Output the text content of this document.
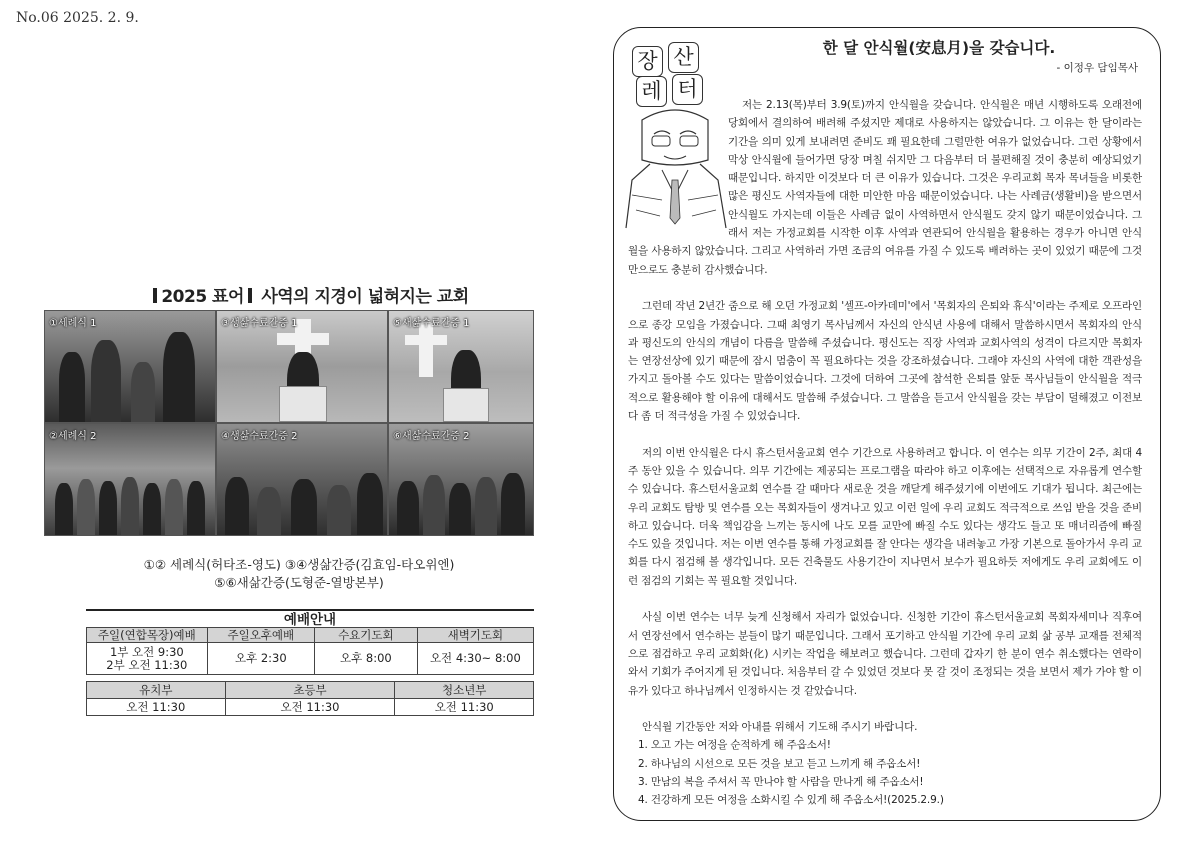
No.06 2025. 2. 9.
2025 표어 사역의 지경이 넓혀지는 교회
①세례식 1	③생삶수료간증 1	⑤새삶수료간증 1
②세례식 2	④생삶수료간증 2	⑥새삶수료간증 2
①② 세례식(허타조-영도) ③④생삶간증(김효임-타오위엔)
⑤⑥새삶간증(도형준-열방본부)
예배안내
주일(연합목장)예배	주일오후예배	수요기도회	새벽기도회

1부 오전 9:30
2부 오전 11:30	오후 2:30	오후 8:00	오전 4:30~ 8:00
유치부	초등부	청소년부
오전 11:30	오전 11:30	오전 11:30
장 산
레 터
한 달 안식월(安息月)을 갖습니다.
- 이정우 담임목사

저는 2.13(목)부터 3.9(토)까지 안식월을 갖습니다. 안식월은 매년 시행하도록 오래전에 당회에서 결의하여 배려해 주셨지만 제대로 사용하지는 않았습니다. 그 이유는 한 달이라는 기간을 의미 있게 보내려면 준비도 꽤 필요한데 그럴만한 여유가 없었습니다. 그런 상황에서 막상 안식월에 들어가면 당장 며칠 쉬지만 그 다음부터 더 불편해질 것이 충분히 예상되었기 때문입니다. 하지만 이것보다 더 큰 이유가 있습니다. 그것은 우리교회 목자 목녀들을 비롯한 많은 평신도 사역자들에 대한 미안한 마음 때문이었습니다. 나는 사례금(생활비)을 받으면서 안식월도 가지는데 이들은 사례금 없이 사역하면서 안식월도 갖지 않기 때문이었습니다. 그래서 저는 가정교회를 시작한 이후 사역과 연관되어 안식월을 활용하는 경우가 아니면 안식월을 사용하지 않았습니다. 그리고 사역하러 가면 조금의 여유를 가질 수 있도록 배려하는 곳이 있었기 때문에 그것만으로도 충분히 감사했습니다.

그런데 작년 2년간 줌으로 해 오던 가정교회 '셀프-아카데미'에서 '목회자의 은퇴와 휴식'이라는 주제로 오프라인으로 종강 모임을 가졌습니다. 그때 최영기 목사님께서 자신의 안식년 사용에 대해서 말씀하시면서 목회자의 안식과 평신도의 안식의 개념이 다름을 말씀해 주셨습니다. 평신도는 직장 사역과 교회사역의 성격이 다르지만 목회자는 연장선상에 있기 때문에 잠시 멈춤이 꼭 필요하다는 것을 강조하셨습니다. 그래야 자신의 사역에 대한 객관성을 가지고 돌아볼 수도 있다는 말씀이었습니다. 그것에 더하여 그곳에 참석한 은퇴를 앞둔 목사님들이 안식월을 적극적으로 활용해야 할 이유에 대해서도 말씀해 주셨습니다. 그 말씀을 듣고서 안식월을 갖는 부담이 덜해졌고 이전보다 좀 더 적극성을 가질 수 있었습니다.

저의 이번 안식월은 다시 휴스턴서울교회 연수 기간으로 사용하려고 합니다. 이 연수는 의무 기간이 2주, 최대 4주 동안 있을 수 있습니다. 의무 기간에는 제공되는 프로그램을 따라야 하고 이후에는 선택적으로 자유롭게 연수할 수 있습니다. 휴스턴서울교회 연수를 갈 때마다 새로운 것을 깨닫게 해주셨기에 이번에도 기대가 됩니다. 최근에는 우리 교회도 탐방 및 연수를 오는 목회자들이 생겨나고 있고 이런 일에 우리 교회도 적극적으로 쓰임 받을 것을 준비하고 있습니다. 더욱 책임감을 느끼는 동시에 나도 모를 교만에 빠질 수도 있다는 생각도 들고 또 매너리즘에 빠질 수도 있을 것입니다. 저는 이번 연수를 통해 가정교회를 잘 안다는 생각을 내려놓고 가장 기본으로 돌아가서 우리 교회를 다시 점검해 볼 생각입니다. 모든 건축물도 사용기간이 지나면서 보수가 필요하듯 저에게도 우리 교회에도 이런 점검의 기회는 꼭 필요할 것입니다.

사실 이번 연수는 너무 늦게 신청해서 자리가 없었습니다. 신청한 기간이 휴스턴서울교회 목회자세미나 직후여서 연장선에서 연수하는 분들이 많기 때문입니다. 그래서 포기하고 안식월 기간에 우리 교회 삶 공부 교재를 전체적으로 점검하고 우리 교회화(化) 시키는 작업을 해보려고 했습니다. 그런데 갑자기 한 분이 연수 취소했다는 연락이 와서 기회가 주어지게 된 것입니다. 처음부터 갈 수 있었던 것보다 못 갈 것이 조정되는 것을 보면서 제가 가야 할 이유가 있다고 하나님께서 인정하시는 것 같았습니다.

안식월 기간동안 저와 아내를 위해서 기도해 주시기 바랍니다.

1. 오고 가는 여정을 순적하게 해 주옵소서!

2. 하나님의 시선으로 모든 것을 보고 듣고 느끼게 해 주옵소서!

3. 만남의 복을 주셔서 꼭 만나야 할 사람을 만나게 해 주옵소서!

4. 건강하게 모든 여정을 소화시킬 수 있게 해 주옵소서!(2025.2.9.)
